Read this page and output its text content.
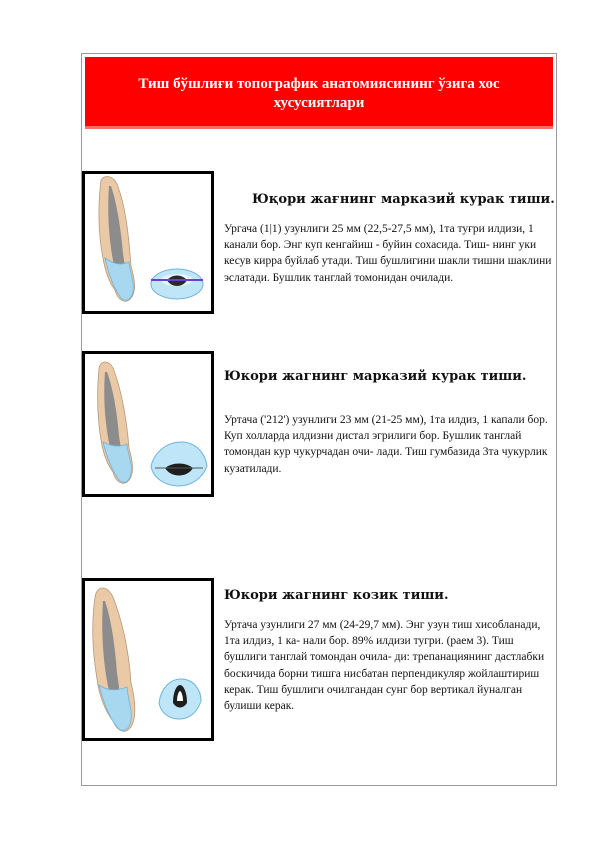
Тиш бўшлиғи топографик анатомиясининг ўзига хос хусусиятлари
Юқори жағнинг марказий курак тиши.
Ургача (1|1) узунлиги 25 мм (22,5-27,5 мм), 1та туғри илдизи, 1 канали бор. Энг куп кенгайиш - буйин сохасида. Тиш- нинг уки кесув кирра буйлаб утади. Тиш бушлигини шакли тишни шаклини эслатади. Бушлик танглай томонидан очилади.
Юкори жагнинг марказий курак тиши.
Уртача ('212') узунлиги 23 мм (21-25 мм), 1та илдиз, 1 капали бор. Куп холларда илдизни дистал эгрилиги бор. Бушлик танглай томондан кур чукурчадан очи- лади. Тиш гумбазида 3та чукурлик кузатилади.
Юкори жагнинг козик тиши.
Уртача узунлиги 27 мм (24-29,7 мм). Энг узун тиш хисобланади, 1та илдиз, 1 ка- нали бор. 89% илдизи тугри. (раем 3). Тиш бушлиги танглай томондан очила- ди: трепанациянинг дастлабки боскичида борни тишга нисбатан перпендикуляр жойлаштириш керак. Тиш бушлиги очилгандан сунг бор вертикал йуналган булиши керак.
